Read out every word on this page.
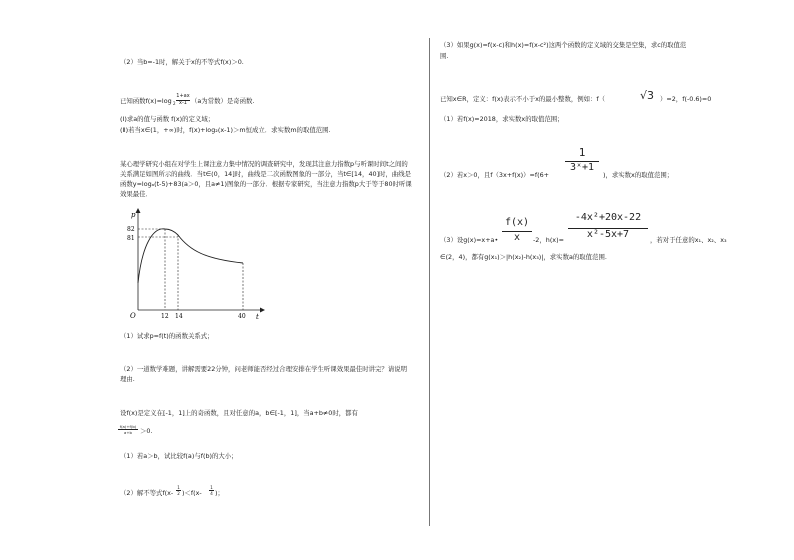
（2）当b=-1时，解关于x的不等式f(x)＞0.
已知函数f(x)=log 2
1+ax
x-1 （a为常数）是奇函数.
(Ⅰ)求a的值与函数 f(x)的定义域；
(Ⅱ)若当x∈(1，+∞)时，f(x)+log₂(x-1)＞m恒成立．求实数m的取值范围.
某心理学研究小组在对学生上课注意力集中情况的调查研究中，发现其注意力指数p与听课时间t之间的关系满足如图所示的曲线．当t∈(0，14]时，曲线是二次函数图象的一部分，当t∈[14，40]时，曲线是函数y=logₐ(t-5)+83(a＞0，且a≠1)图象的一部分．根据专家研究，当注意力指数p大于等于80时听课效果最佳．
p
t
O
82
81
12 14	40
（1）试求p=f(t)的函数关系式；
（2）一道数学难题，讲解需要22分钟，问老师能否经过合理安排在学生听课效果最佳时讲完？请说明理由.
设f(x)是定义在[-1，1]上的奇函数，且对任意的a，b∈[-1，1]，当a+b≠0时，都有
f(a)+f(b)
a+b	＞0.
（1）若a＞b，试比较f(a)与f(b)的大小；
（2）解不等式f(x-
1
2 )＜f(x-
1
4 )；
（3）如果g(x)=f(x-c)和h(x)=f(x-c²)这两个函数的定义域的交集是空集，求c的取值范
围.
已知x∈R，定义：f(x)表示不小于x的最小整数，例如：f（	√3 ）=2，f(-0.6)=0
（1）若f(x)=2018，求实数x的取值范围；
1
3ˣ+1
（2）若x＞0，且f（3x+f(x)）=f(6+	)，求实数x的取值范围；
f(x)
x
-4x²+20x-22
x²-5x+7
（3）设g(x)=x+a•	-2，h(x)=	，若对于任意的x₁、x₂、x₃
∈(2，4)，都有g(x₁)＞|h(x₂)-h(x₃)|，求实数a的取值范围.
